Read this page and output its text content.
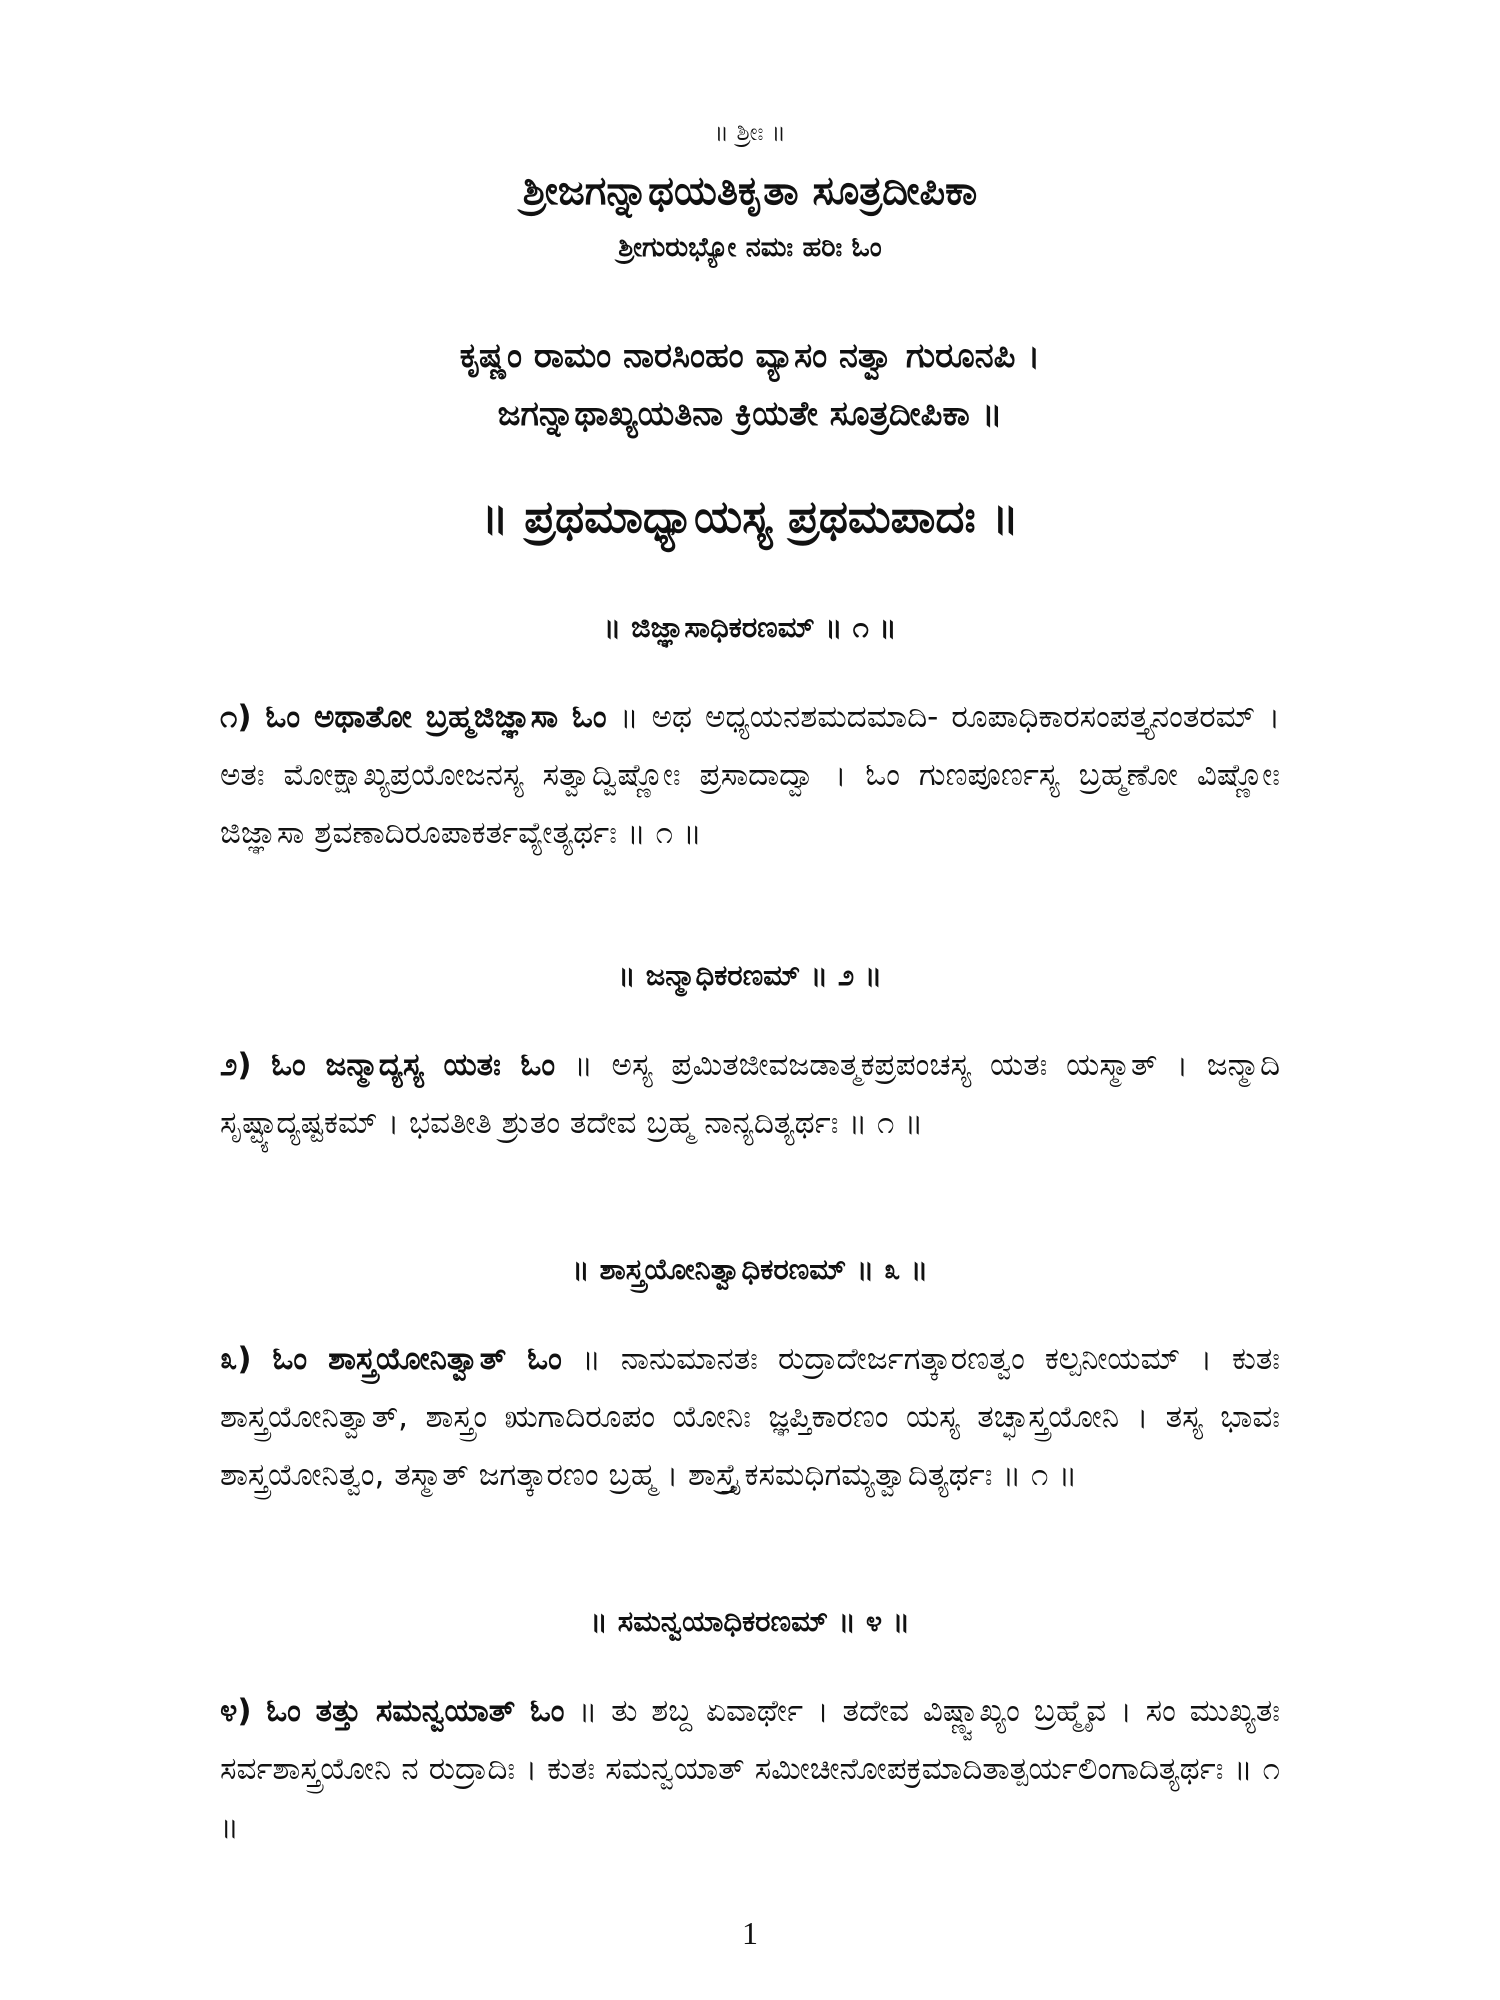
॥ ಶ್ರೀಃ ॥
ಶ್ರೀಜಗನ್ನಾಥಯತಿಕೃತಾ ಸೂತ್ರದೀಪಿಕಾ
ಶ್ರೀಗುರುಭ್ಯೋ ನಮಃ ಹರಿಃ ಓಂ
ಕೃಷ್ಣಂ ರಾಮಂ ನಾರಸಿಂಹಂ ವ್ಯಾಸಂ ನತ್ವಾ ಗುರೂನಪಿ ।
ಜಗನ್ನಾಥಾಖ್ಯಯತಿನಾ ಕ್ರಿಯತೇ ಸೂತ್ರದೀಪಿಕಾ ॥
॥ ಪ್ರಥಮಾಧ್ಯಾಯಸ್ಯ ಪ್ರಥಮಪಾದಃ ॥
॥ ಜಿಜ್ಞಾಸಾಧಿಕರಣಮ್ ॥ ೧ ॥
೧) ಓಂ ಅಥಾತೋ ಬ್ರಹ್ಮಜಿಜ್ಞಾಸಾ ಓಂ ॥ ಅಥ ಅಧ್ಯಯನಶಮದಮಾದಿ- ರೂಪಾಧಿಕಾರಸಂಪತ್ತ್ಯನಂತರಮ್ । ಅತಃ ಮೋಕ್ಷಾಖ್ಯಪ್ರಯೋಜನಸ್ಯ ಸತ್ವಾದ್ವಿಷ್ಣೋಃ ಪ್ರಸಾದಾದ್ವಾ । ಓಂ ಗುಣಪೂರ್ಣಸ್ಯ ಬ್ರಹ್ಮಣೋ ವಿಷ್ಣೋಃ ಜಿಜ್ಞಾಸಾ ಶ್ರವಣಾದಿರೂಪಾಕರ್ತವ್ಯೇತ್ಯರ್ಥಃ ॥ ೧ ॥
॥ ಜನ್ಮಾಧಿಕರಣಮ್ ॥ ೨ ॥
೨) ಓಂ ಜನ್ಮಾದ್ಯಸ್ಯ ಯತಃ ಓಂ ॥ ಅಸ್ಯ ಪ್ರಮಿತಜೀವಜಡಾತ್ಮಕಪ್ರಪಂಚಸ್ಯ ಯತಃ ಯಸ್ಮಾತ್ । ಜನ್ಮಾದಿ ಸೃಷ್ಟ್ಯಾದ್ಯಷ್ಟಕಮ್ । ಭವತೀತಿ ಶ್ರುತಂ ತದೇವ ಬ್ರಹ್ಮ ನಾನ್ಯದಿತ್ಯರ್ಥಃ ॥ ೧ ॥
॥ ಶಾಸ್ತ್ರಯೋನಿತ್ವಾಧಿಕರಣಮ್ ॥ ೩ ॥
೩) ಓಂ ಶಾಸ್ತ್ರಯೋನಿತ್ವಾತ್ ಓಂ ॥ ನಾನುಮಾನತಃ ರುದ್ರಾದೇರ್ಜಗತ್ಕಾರಣತ್ವಂ ಕಲ್ಪನೀಯಮ್ । ಕುತಃ ಶಾಸ್ತ್ರಯೋನಿತ್ವಾತ್, ಶಾಸ್ತ್ರಂ ಋಗಾದಿರೂಪಂ ಯೋನಿಃ ಜ್ಞಪ್ತಿಕಾರಣಂ ಯಸ್ಯ ತಚ್ಛಾಸ್ತ್ರಯೋನಿ । ತಸ್ಯ ಭಾವಃ ಶಾಸ್ತ್ರಯೋನಿತ್ವಂ, ತಸ್ಮಾತ್ ಜಗತ್ಕಾರಣಂ ಬ್ರಹ್ಮ । ಶಾಸ್ತ್ರೈಕಸಮಧಿಗಮ್ಯತ್ವಾದಿತ್ಯರ್ಥಃ ॥ ೧ ॥
॥ ಸಮನ್ವಯಾಧಿಕರಣಮ್ ॥ ೪ ॥
೪) ಓಂ ತತ್ತು ಸಮನ್ವಯಾತ್ ಓಂ ॥ ತು ಶಬ್ದ ಏವಾರ್ಥೇ । ತದೇವ ವಿಷ್ಣ್ವಾಖ್ಯಂ ಬ್ರಹ್ಮೈವ । ಸಂ ಮುಖ್ಯತಃ ಸರ್ವಶಾಸ್ತ್ರಯೋನಿ ನ ರುದ್ರಾದಿಃ । ಕುತಃ ಸಮನ್ವಯಾತ್ ಸಮೀಚೀನೋಪಕ್ರಮಾದಿತಾತ್ಪರ್ಯಲಿಂಗಾದಿತ್ಯರ್ಥಃ ॥ ೧ ॥
1
